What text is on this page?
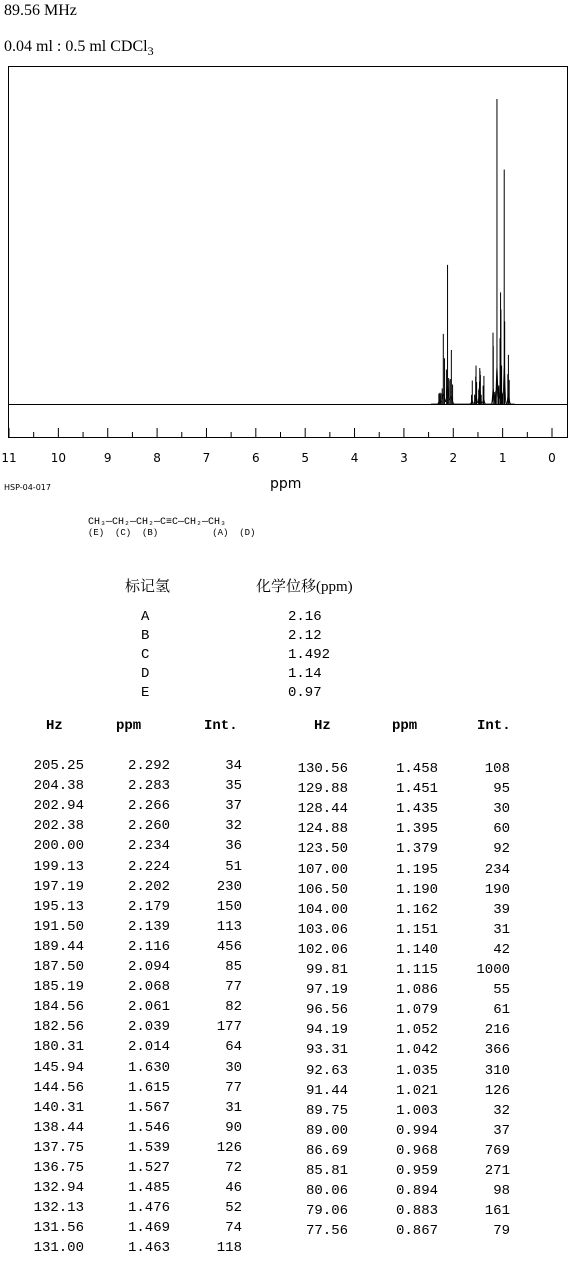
89.56 MHz
0.04 ml : 0.5 ml CDCl$_3$
11	10	9	8	7	6	5	4	3	2	1	0
HSP-04-017	ppm
CH₃—CH₂—CH₂—C≡C—CH₂—CH₃
(E)  (C)  (B)          (A)  (D)
标记氢	化学位移(ppm)
A	2.16
B	2.12
C	1.492
D	1.14
E	0.97
Hz	ppm	Int.	Hz	ppm	Int.
205.25	2.292	34
204.38	2.283	35
202.94	2.266	37
202.38	2.260	32
200.00	2.234	36
199.13	2.224	51
197.19	2.202	230
195.13	2.179	150
191.50	2.139	113
189.44	2.116	456
187.50	2.094	85
185.19	2.068	77
184.56	2.061	82
182.56	2.039	177
180.31	2.014	64
145.94	1.630	30
144.56	1.615	77
140.31	1.567	31
138.44	1.546	90
137.75	1.539	126
136.75	1.527	72
132.94	1.485	46
132.13	1.476	52
131.56	1.469	74
131.00	1.463	118
130.56	1.458	108
129.88	1.451	95
128.44	1.435	30
124.88	1.395	60
123.50	1.379	92
107.00	1.195	234
106.50	1.190	190
104.00	1.162	39
103.06	1.151	31
102.06	1.140	42
99.81	1.115	1000
97.19	1.086	55
96.56	1.079	61
94.19	1.052	216
93.31	1.042	366
92.63	1.035	310
91.44	1.021	126
89.75	1.003	32
89.00	0.994	37
86.69	0.968	769
85.81	0.959	271
80.06	0.894	98
79.06	0.883	161
77.56	0.867	79
